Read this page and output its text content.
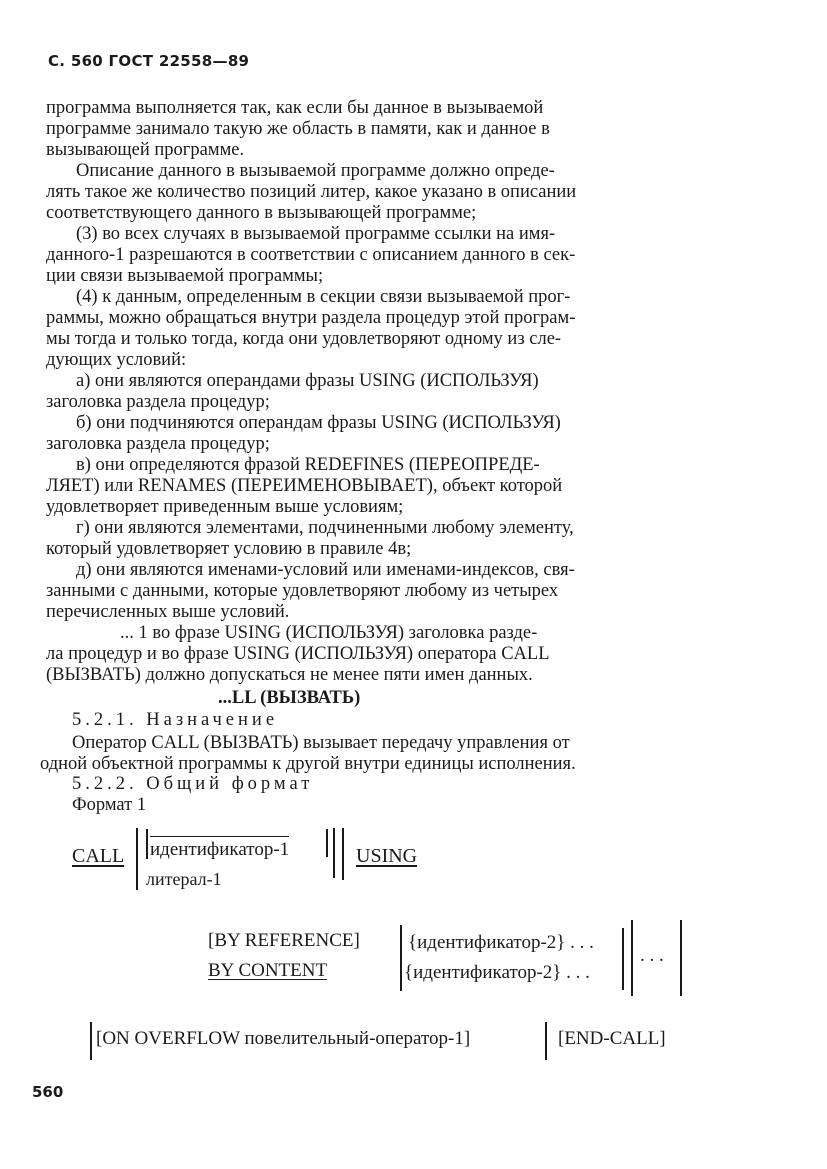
С. 560 ГОСТ 22558—89
программа выполняется так, как если бы данное в вызываемой
программе занимало такую же область в памяти, как и данное в
вызывающей программе.
Описание данного в вызываемой программе должно опреде-
лять такое же количество позиций литер, какое указано в описании
соответствующего данного в вызывающей программе;
(3) во всех случаях в вызываемой программе ссылки на имя-
данного-1 разрешаются в соответствии с описанием данного в сек-
ции связи вызываемой программы;
(4) к данным, определенным в секции связи вызываемой прог-
раммы, можно обращаться внутри раздела процедур этой програм-
мы тогда и только тогда, когда они удовлетворяют одному из сле-
дующих условий:
а) они являются операндами фразы USING (ИСПОЛЬЗУЯ)
заголовка раздела процедур;
б) они подчиняются операндам фразы USING (ИСПОЛЬЗУЯ)
заголовка раздела процедур;
в) они определяются фразой REDEFINES (ПЕРЕОПРЕДЕ-
ЛЯЕТ) или RENAMES (ПЕРЕИМЕНОВЫВАЕТ), объект которой
удовлетворяет приведенным выше условиям;
г) они являются элементами, подчиненными любому элементу,
который удовлетворяет условию в правиле 4в;
д) они являются именами-условий или именами-индексов, свя-
занными с данными, которые удовлетворяют любому из четырех
перечисленных выше условий.
... 1 во фразе USING (ИСПОЛЬЗУЯ) заголовка разде-
ла процедур и во фразе USING (ИСПОЛЬЗУЯ) оператора CALL
(ВЫЗВАТЬ) должно допускаться не менее пяти имен данных.
...LL (ВЫЗВАТЬ)
5.2.1. Назначение
Оператор CALL (ВЫЗВАТЬ) вызывает передачу управления от
одной объектной программы к другой внутри единицы исполнения.
5.2.2. Общий формат
Формат 1
CALL идентификатор-1
литерал-1
USING
[BY REFERENCE]
BY CONTENT
{идентификатор-2} . . .
{идентификатор-2} . . .
. . .
[ON OVERFLOW повелительный-оператор-1]	[END-CALL]
560
